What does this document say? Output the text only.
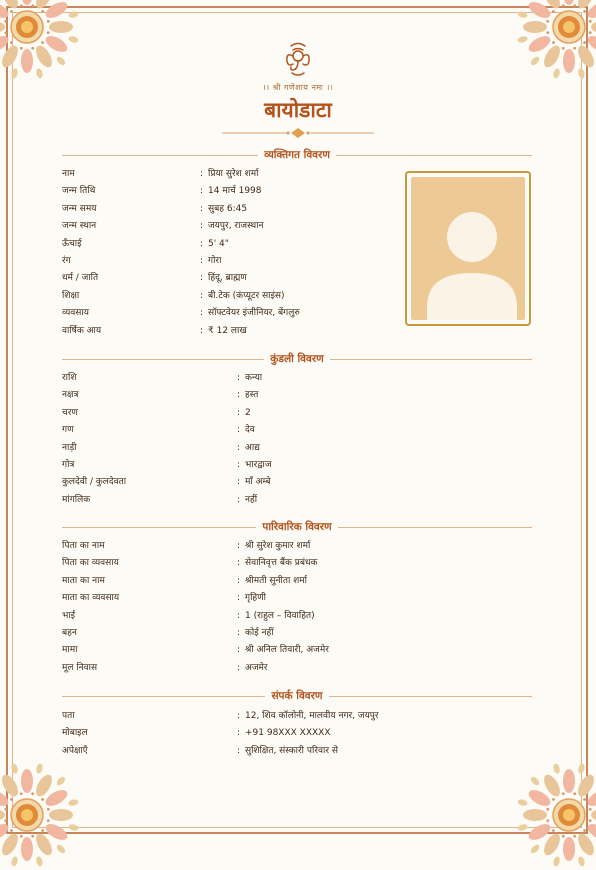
।। श्री गणेशाय नमः ।।
बायोडाटा
व्यक्तिगत विवरण
नाम	: प्रिया सुरेश शर्मा
जन्म तिथि	: 14 मार्च 1998
जन्म समय	: सुबह 6:45
जन्म स्थान	: जयपुर, राजस्थान
ऊँचाई	: 5' 4"
रंग	: गोरा
धर्म / जाति	: हिंदू, ब्राह्मण
शिक्षा	: बी.टेक (कंप्यूटर साइंस)
व्यवसाय	: सॉफ्टवेयर इंजीनियर, बेंगलुरु
वार्षिक आय	: ₹ 12 लाख
कुंडली विवरण
राशि	: कन्या
नक्षत्र	: हस्त
चरण	: 2
गण	: देव
नाड़ी	: आद्य
गोत्र	: भारद्वाज
कुलदेवी / कुलदेवता	: माँ अम्बे
मांगलिक	: नहीं
पारिवारिक विवरण
पिता का नाम	: श्री सुरेश कुमार शर्मा
पिता का व्यवसाय	: सेवानिवृत्त बैंक प्रबंधक
माता का नाम	: श्रीमती सुनीता शर्मा
माता का व्यवसाय	: गृहिणी
भाई	: 1 (राहुल – विवाहित)
बहन	: कोई नहीं
मामा	: श्री अनिल तिवारी, अजमेर
मूल निवास	: अजमेर
संपर्क विवरण
पता	: 12, शिव कॉलोनी, मालवीय नगर, जयपुर
मोबाइल	: +91 98XXX XXXXX
अपेक्षाएँ	: सुशिक्षित, संस्कारी परिवार से
